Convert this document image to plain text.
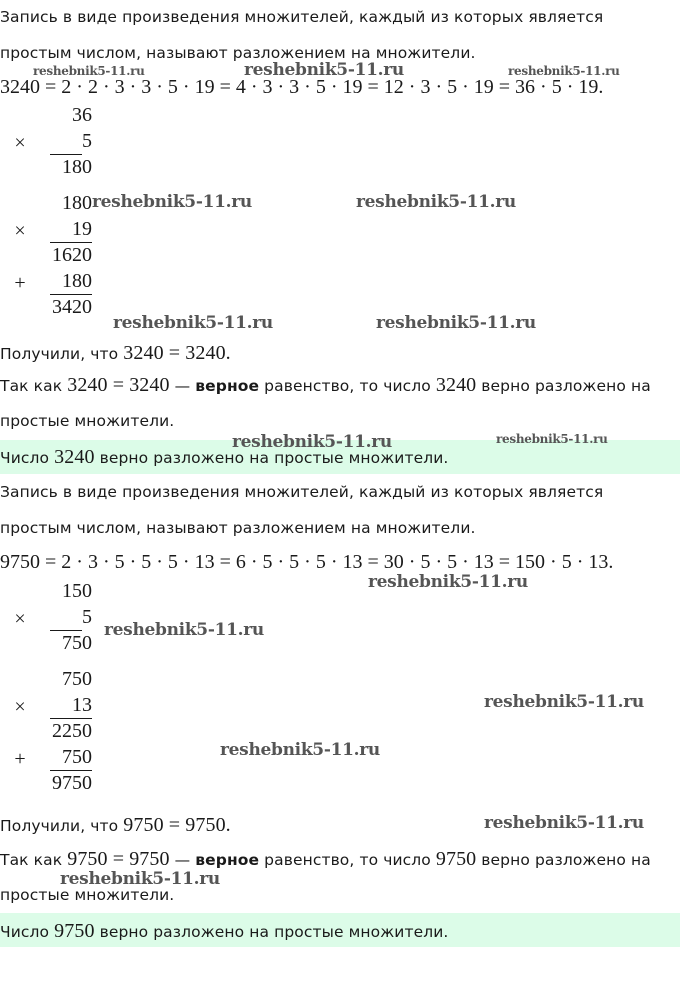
Запись в виде произведения множителей, каждый из которых является
простым числом, называют разложением на множители.
3240 = 2 · 2 · 3 · 3 · 5 · 19 = 4 · 3 · 3 · 5 · 19 = 12 · 3 · 5 · 19 = 36 · 5 · 19.
36
×	5
180
180
×	19
1620
+	180
3420
Получили, что 3240 = 3240.
Так как 3240 = 3240 — верное равенство, то число 3240 верно разложено на
простые множители.
Число 3240 верно разложено на простые множители.
Запись в виде произведения множителей, каждый из которых является
простым числом, называют разложением на множители.
9750 = 2 · 3 · 5 · 5 · 5 · 13 = 6 · 5 · 5 · 5 · 13 = 30 · 5 · 5 · 13 = 150 · 5 · 13.
150
×	5
750
750
×	13
2250
+	750
9750
Получили, что 9750 = 9750.
Так как 9750 = 9750 — верное равенство, то число 9750 верно разложено на
простые множители.
Число 9750 верно разложено на простые множители.
reshebnik5-11.ru	reshebnik5-11.ru	reshebnik5-11.ru
reshebnik5-11.ru	reshebnik5-11.ru
reshebnik5-11.ru	reshebnik5-11.ru
reshebnik5-11.ru	reshebnik5-11.ru
reshebnik5-11.ru
reshebnik5-11.ru
reshebnik5-11.ru
reshebnik5-11.ru
reshebnik5-11.ru
reshebnik5-11.ru
